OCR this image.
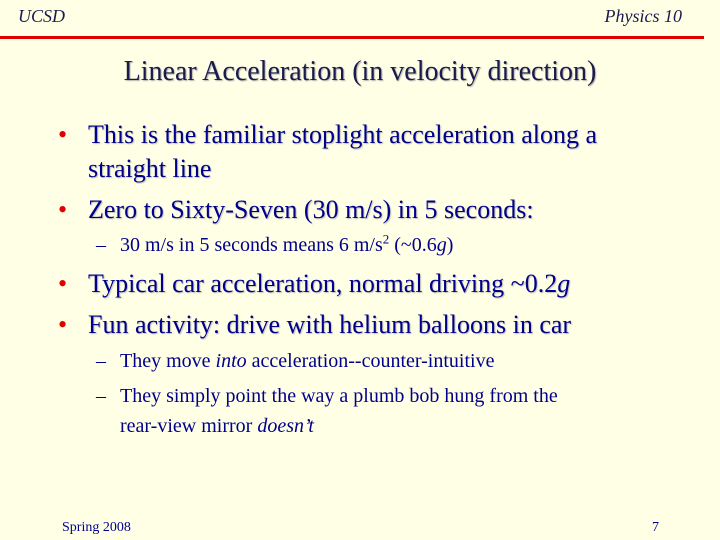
UCSD	Physics 10
Linear Acceleration (in velocity direction)
• This is the familiar stoplight acceleration along a
straight line
• Zero to Sixty-Seven (30 m/s) in 5 seconds:
– 30 m/s in 5 seconds means 6 $m/s^2$ (~0.6g)
• Typical car acceleration, normal driving ~0.2g
• Fun activity: drive with helium balloons in car
– They move into acceleration--counter-intuitive
– They simply point the way a plumb bob hung from the
rear-view mirror doesn’t
Spring 2008	7
